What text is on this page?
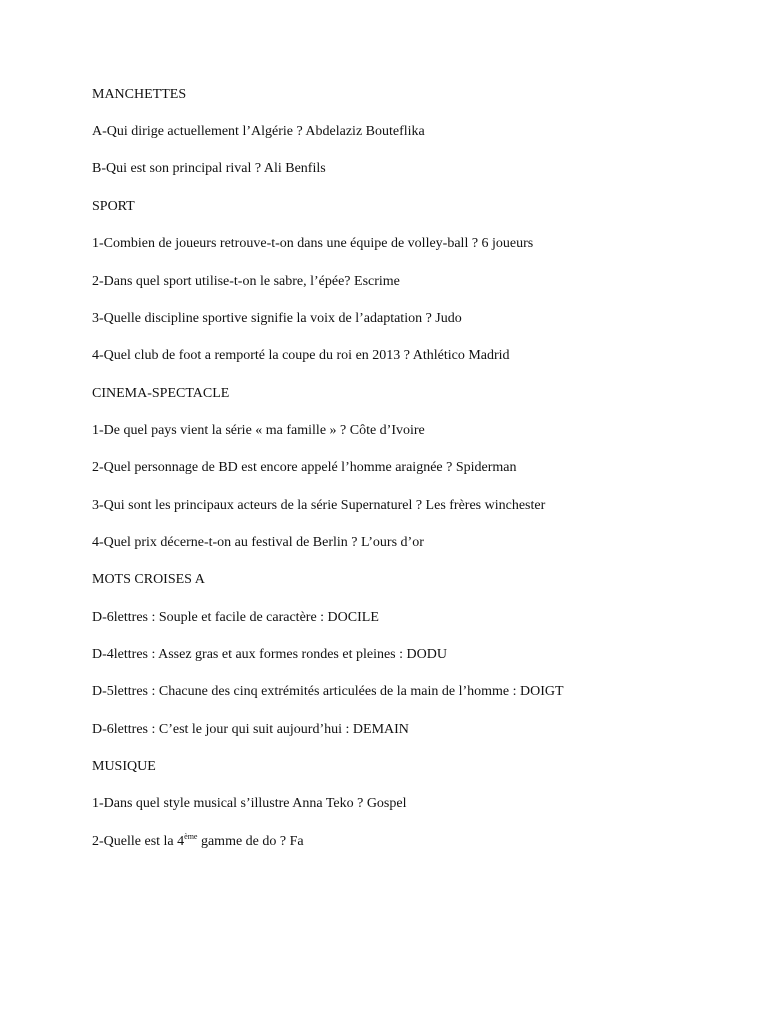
MANCHETTES
A-Qui dirige actuellement l’Algérie ? Abdelaziz Bouteflika
B-Qui est son principal rival ? Ali Benfils
SPORT
1-Combien de joueurs retrouve-t-on dans une équipe de volley-ball ? 6 joueurs
2-Dans quel sport utilise-t-on le sabre, l’épée? Escrime
3-Quelle discipline sportive signifie la voix de l’adaptation ? Judo
4-Quel club de foot a remporté la coupe du roi en 2013 ? Athlético Madrid
CINEMA-SPECTACLE
1-De quel pays vient la série « ma famille » ? Côte d’Ivoire
2-Quel personnage de BD est encore appelé l’homme araignée ? Spiderman
3-Qui sont les principaux acteurs de la série Supernaturel ? Les frères winchester
4-Quel prix décerne-t-on au festival de Berlin ? L’ours d’or
MOTS CROISES A
D-6lettres : Souple et facile de caractère : DOCILE
D-4lettres : Assez gras et aux formes rondes et pleines : DODU
D-5lettres : Chacune des cinq extrémités articulées de la main de l’homme : DOIGT
D-6lettres : C’est le jour qui suit aujourd’hui : DEMAIN
MUSIQUE
1-Dans quel style musical s’illustre Anna Teko ? Gospel
2-Quelle est la 4ème gamme de do ? Fa
